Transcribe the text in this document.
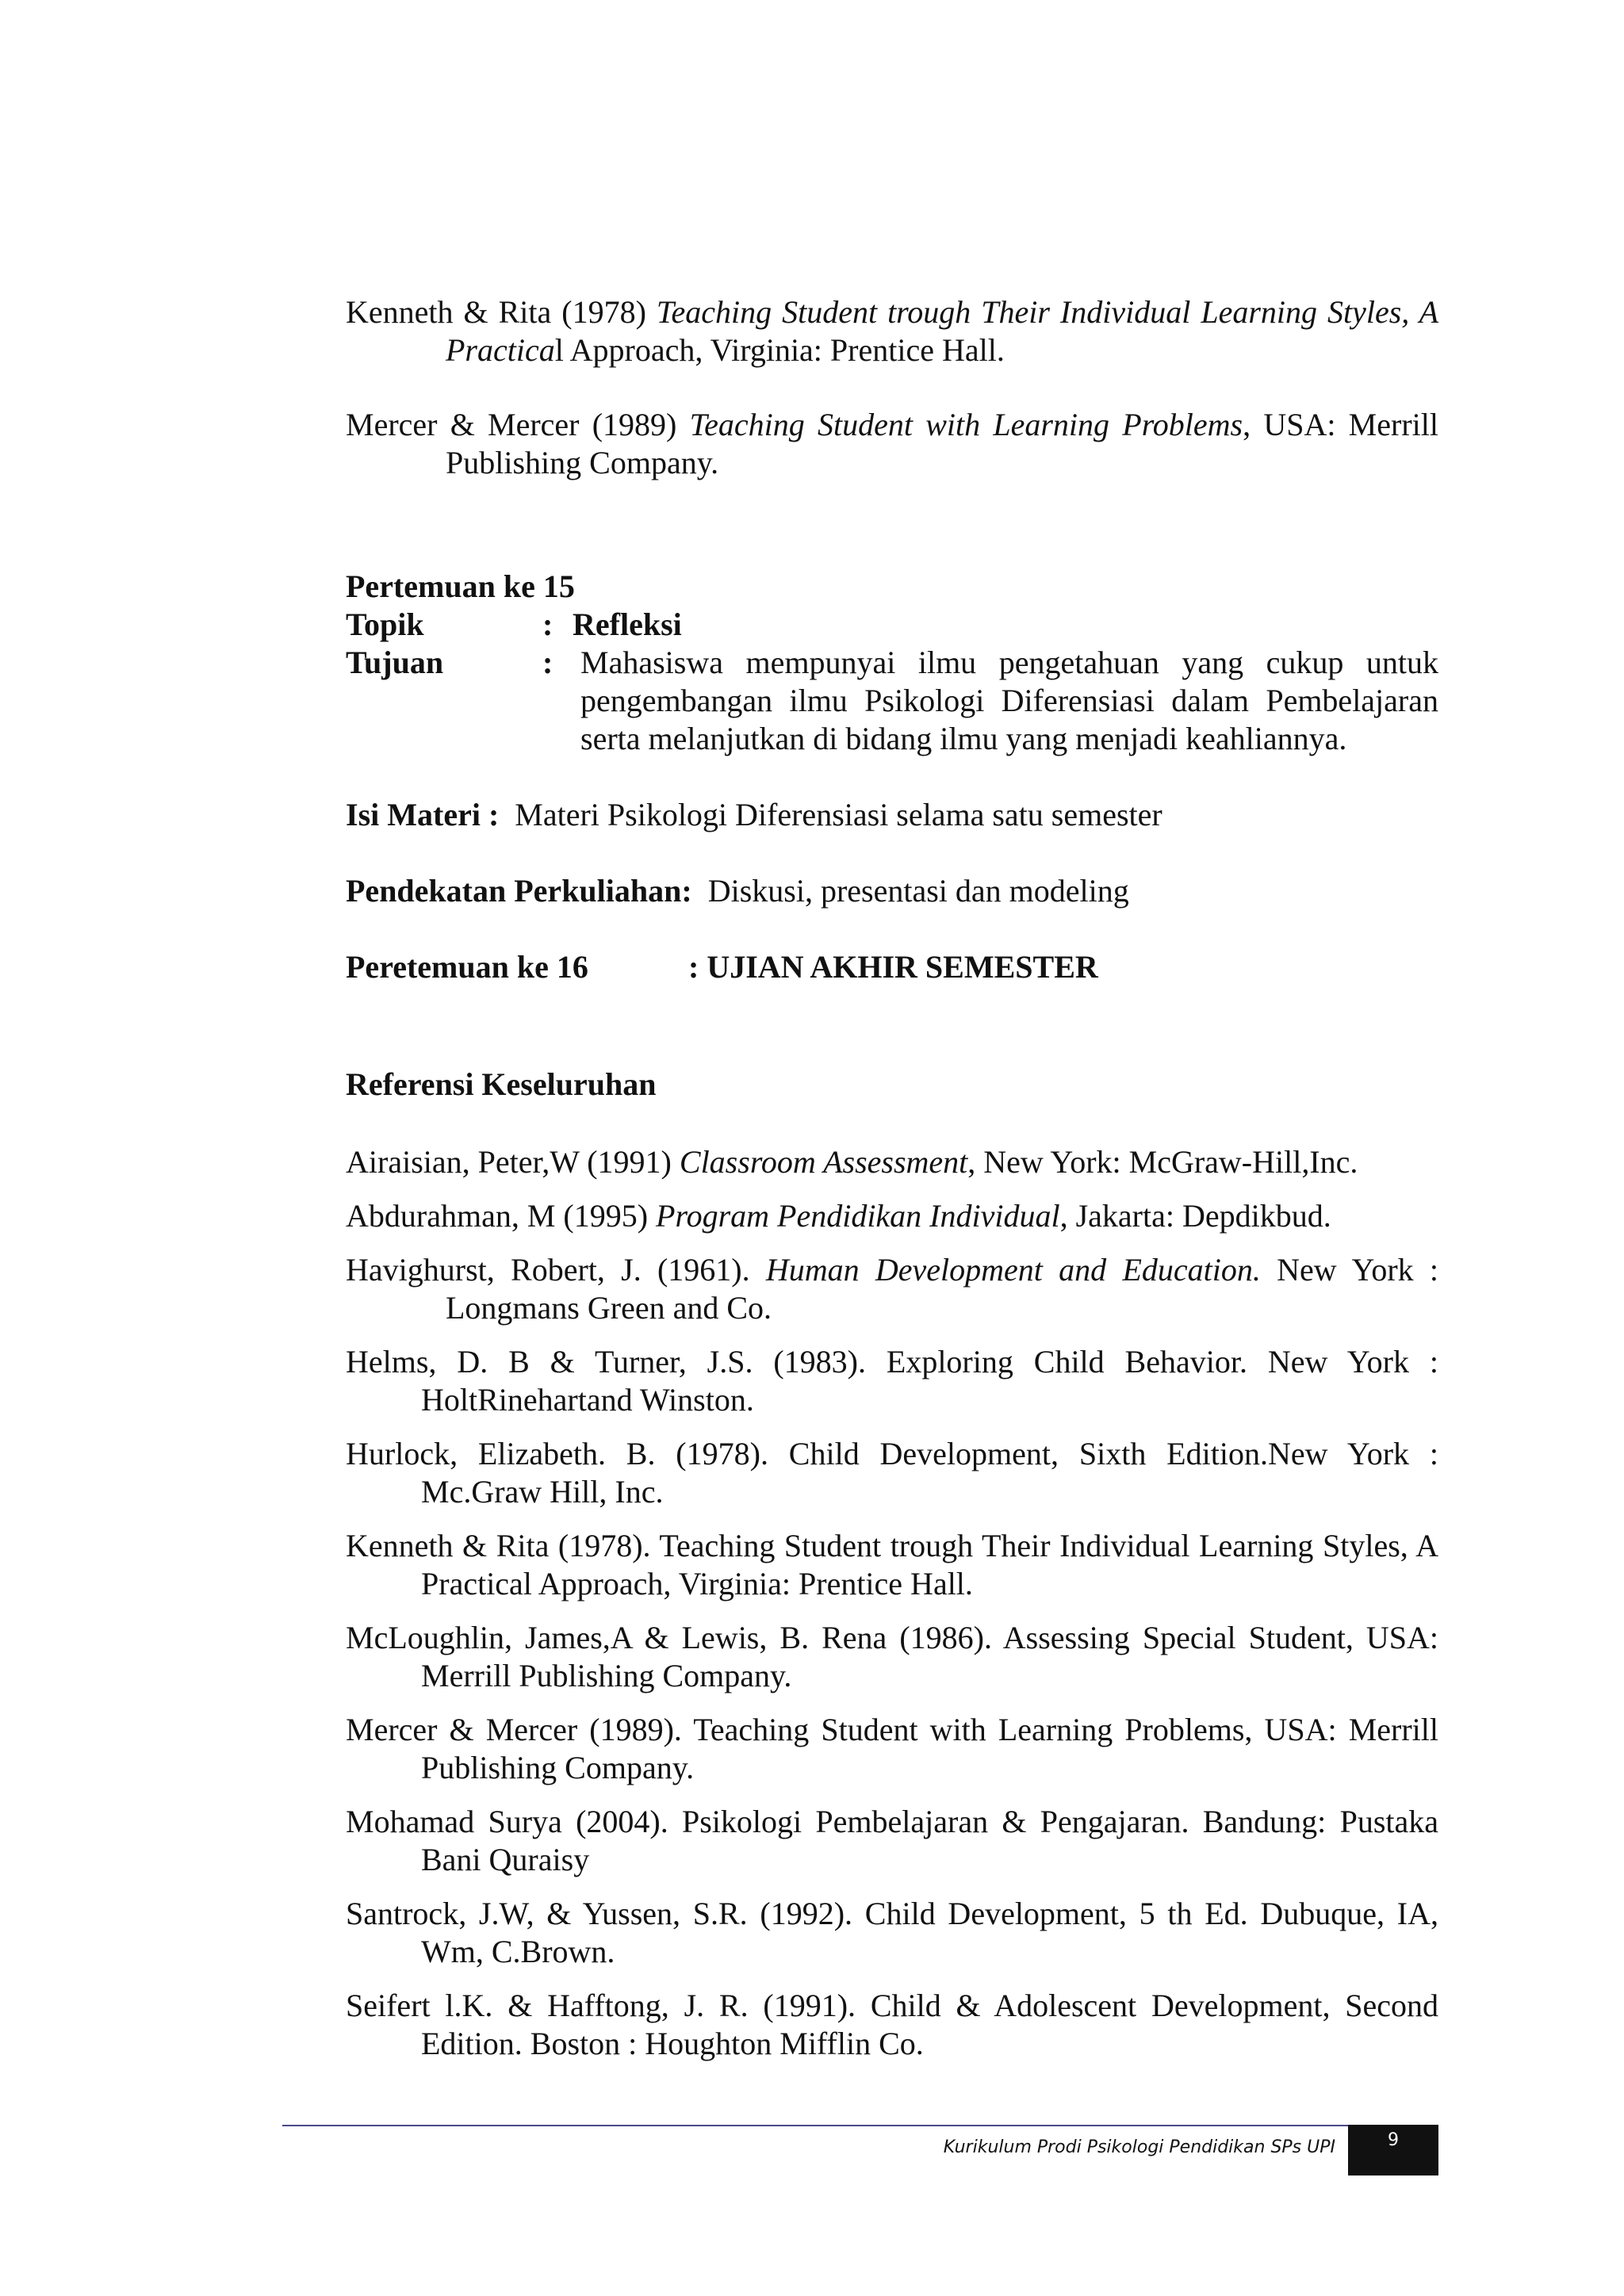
Kenneth & Rita (1978) Teaching Student trough Their Individual Learning Styles, A Practical Approach, Virginia: Prentice Hall.
Mercer & Mercer (1989) Teaching Student with Learning Problems, USA: Merrill Publishing Company.
Pertemuan ke 15
Topik	: Refleksi
Tujuan	: Mahasiswa mempunyai ilmu pengetahuan yang cukup untuk pengembangan ilmu Psikologi Diferensiasi dalam Pembelajaran serta melanjutkan di bidang ilmu yang menjadi keahliannya.
Isi Materi : Materi Psikologi Diferensiasi selama satu semester
Pendekatan Perkuliahan: Diskusi, presentasi dan modeling
Peretemuan ke 16	: UJIAN AKHIR SEMESTER
Referensi Keseluruhan
Airaisian, Peter,W (1991) Classroom Assessment, New York: McGraw-Hill,Inc.
Abdurahman, M (1995) Program Pendidikan Individual, Jakarta: Depdikbud.
Havighurst, Robert, J. (1961). Human Development and Education. New York : Longmans Green and Co.
Helms, D. B & Turner, J.S. (1983). Exploring Child Behavior. New York : HoltRinehartand Winston.
Hurlock, Elizabeth. B. (1978). Child Development, Sixth Edition.New York : Mc.Graw Hill, Inc.
Kenneth & Rita (1978). Teaching Student trough Their Individual Learning Styles, A Practical Approach, Virginia: Prentice Hall.
McLoughlin, James,A & Lewis, B. Rena (1986). Assessing Special Student, USA: Merrill Publishing Company.
Mercer & Mercer (1989). Teaching Student with Learning Problems, USA: Merrill Publishing Company.
Mohamad Surya (2004). Psikologi Pembelajaran & Pengajaran. Bandung: Pustaka Bani Quraisy
Santrock, J.W, & Yussen, S.R. (1992). Child Development, 5 th Ed. Dubuque, IA, Wm, C.Brown.
Seifert l.K. & Hafftong, J. R. (1991). Child & Adolescent Development, Second Edition. Boston : Houghton Mifflin Co.
Kurikulum Prodi Psikologi Pendidikan SPs UPI	9
